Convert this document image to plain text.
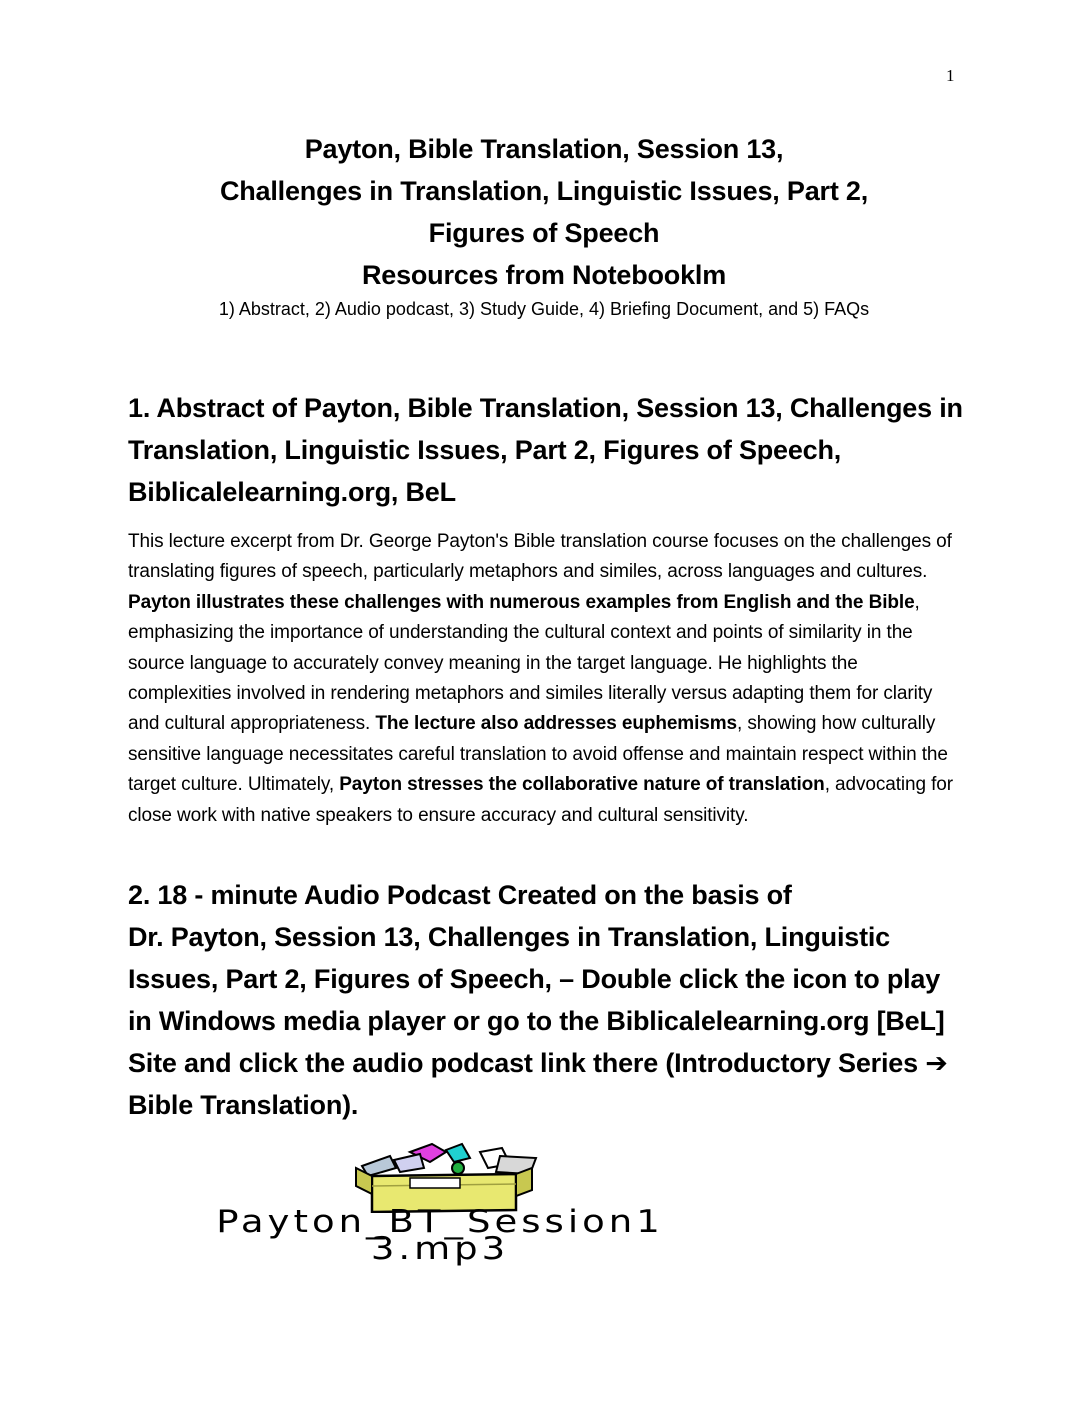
1
Payton, Bible Translation, Session 13,
Challenges in Translation, Linguistic Issues, Part 2,
Figures of Speech
Resources from Notebooklm
1) Abstract, 2) Audio podcast, 3) Study Guide, 4) Briefing Document, and 5) FAQs
1. Abstract of Payton, Bible Translation, Session 13, Challenges in Translation, Linguistic Issues, Part 2, Figures of Speech, Biblicalelearning.org, BeL
This lecture excerpt from Dr. George Payton's Bible translation course focuses on the challenges of translating figures of speech, particularly metaphors and similes, across languages and cultures. Payton illustrates these challenges with numerous examples from English and the Bible, emphasizing the importance of understanding the cultural context and points of similarity in the source language to accurately convey meaning in the target language. He highlights the complexities involved in rendering metaphors and similes literally versus adapting them for clarity and cultural appropriateness. The lecture also addresses euphemisms, showing how culturally sensitive language necessitates careful translation to avoid offense and maintain respect within the target culture. Ultimately, Payton stresses the collaborative nature of translation, advocating for close work with native speakers to ensure accuracy and cultural sensitivity.
2. 18 - minute Audio Podcast Created on the basis of
Dr. Payton, Session 13, Challenges in Translation, Linguistic Issues, Part 2, Figures of Speech, – Double click the icon to play in Windows media player or go to the Biblicalelearning.org [BeL] Site and click the audio podcast link there (Introductory Series ➔ Bible Translation).
Payton_BT_Session1
3.mp3
